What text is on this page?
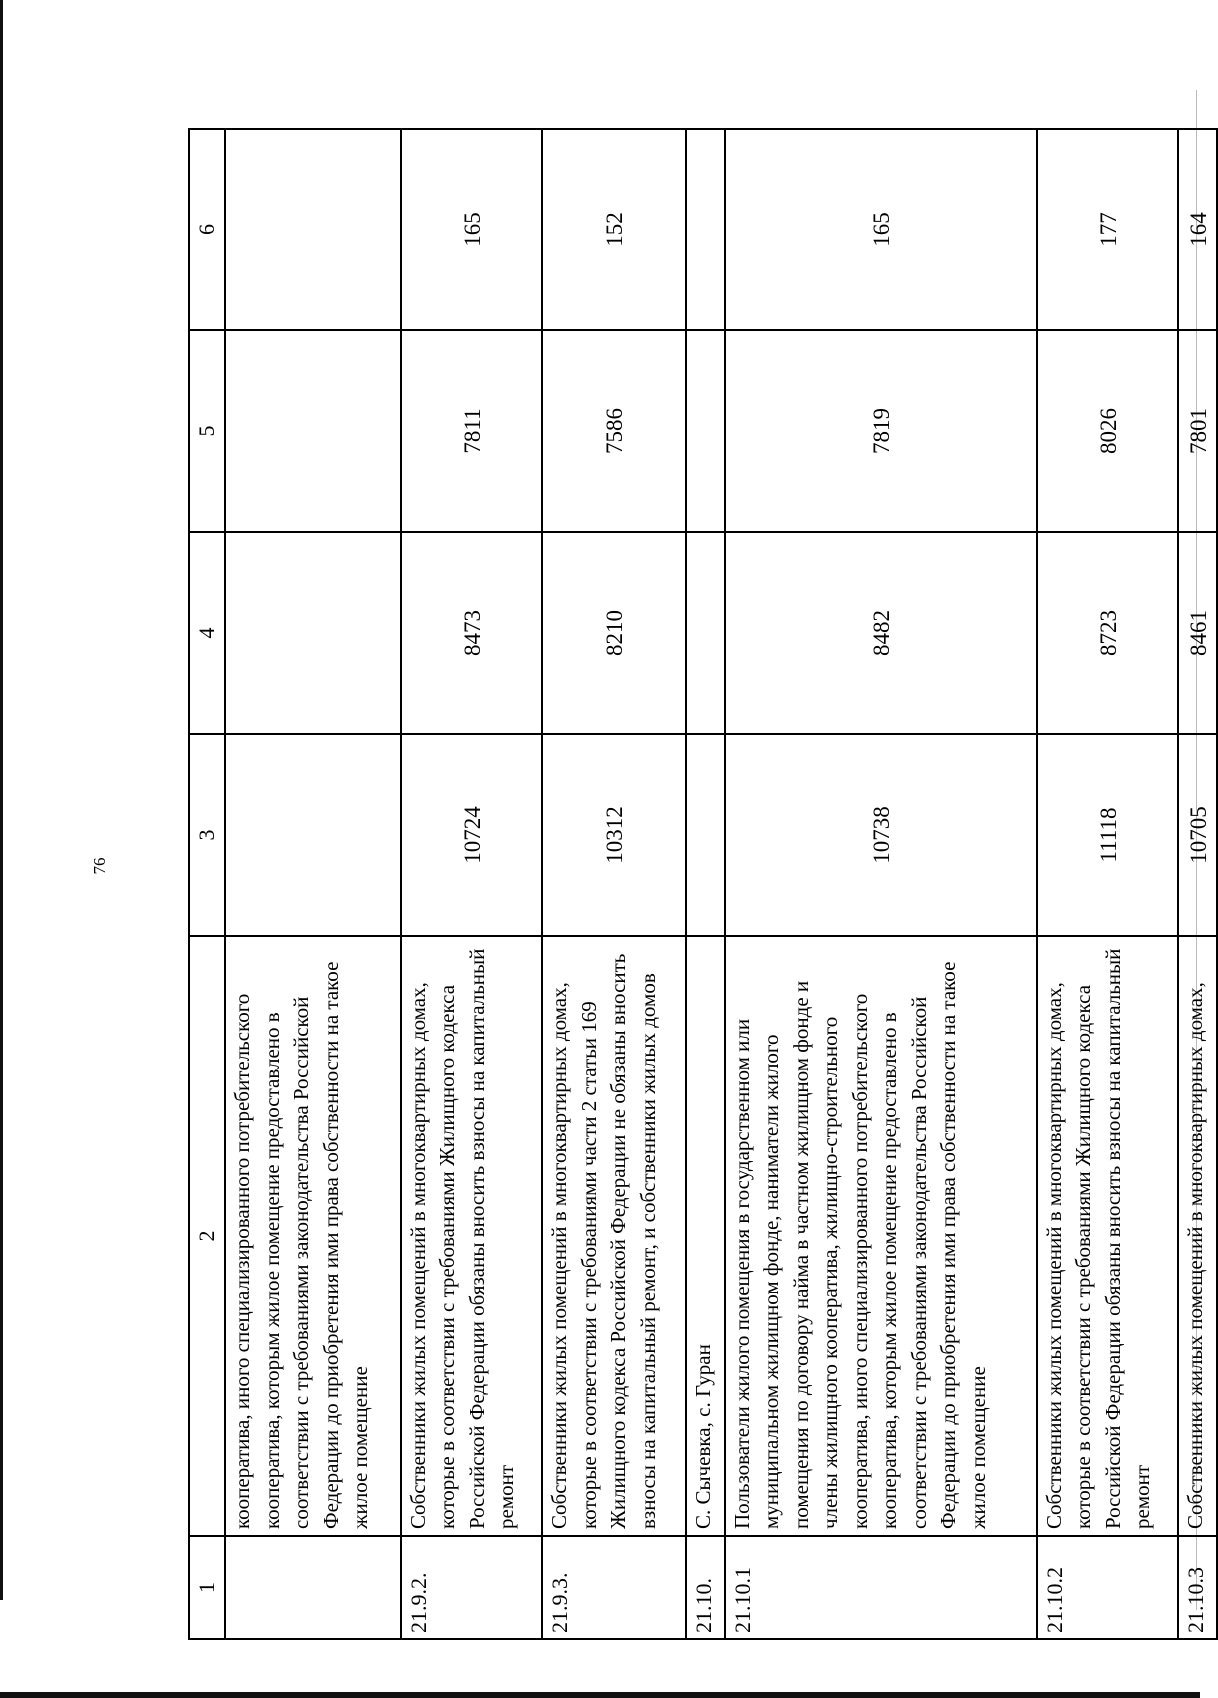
76
1	2	3	4	5	6
	кооператива, иного специализированного потребительского кооператива, которым жилое помещение предоставлено в соответствии с требованиями законодательства Российской Федерации до приобретения ими права собственности на такое жилое помещение				
21.9.2.	Собственники жилых помещений в многоквартирных домах, которые в соответствии с требованиями Жилищного кодекса Российской Федерации обязаны вносить взносы на капитальный ремонт	10724	8473	7811	165
21.9.3.	Собственники жилых помещений в многоквартирных домах, которые в соответствии с требованиями части 2 статьи 169 Жилищного кодекса Российской Федерации не обязаны вносить взносы на капитальный ремонт, и собственники жилых домов	10312	8210	7586	152
21.10.	С. Сычевка, с. Гуран				
21.10.1	Пользователи жилого помещения в государственном или муниципальном жилищном фонде, наниматели жилого помещения по договору найма в частном жилищном фонде и члены жилищного кооператива, жилищно-строительного кооператива, иного специализированного потребительского кооператива, которым жилое помещение предоставлено в соответствии с требованиями законодательства Российской Федерации до приобретения ими права собственности на такое жилое помещение	10738	8482	7819	165
21.10.2	Собственники жилых помещений в многоквартирных домах, которые в соответствии с требованиями Жилищного кодекса Российской Федерации обязаны вносить взносы на капитальный ремонт	11118	8723	8026	177
21.10.3	Собственники жилых помещений в многоквартирных домах,	10705	8461	7801	164
